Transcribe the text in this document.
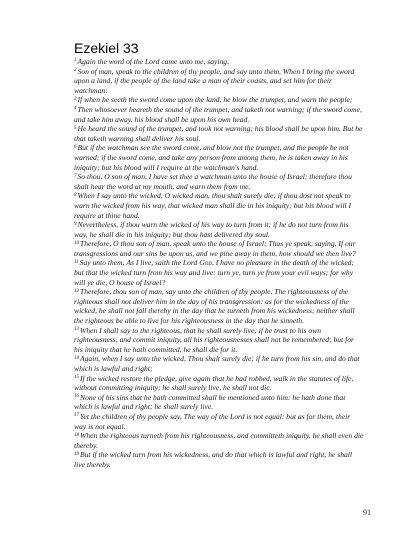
Ezekiel 33
$^1$Again the word of the Lord came unto me, saying,
$^2$Son of man, speak to the children of thy people, and say unto them, When I bring the sword upon a land, if the people of the land take a man of their coasts, and set him for their watchman:
$^3$If when he seeth the sword come upon the land, he blow the trumpet, and warn the people;
$^4$Then whosoever heareth the sound of the trumpet, and taketh not warning; if the sword come, and take him away, his blood shall be upon his own head.
$^5$He heard the sound of the trumpet, and took not warning; his blood shall be upon him. But he that taketh warning shall deliver his soul.
$^6$But if the watchman see the sword come, and blow not the trumpet, and the people be not warned; if the sword come, and take any person from among them, he is taken away in his iniquity; but his blood will I require at the watchman's hand.
$^7$So thou, O son of man, I have set thee a watchman unto the house of Israel; therefore thou shalt hear the word at my mouth, and warn them from me.
$^8$When I say unto the wicked, O wicked man, thou shalt surely die; if thou dost not speak to warn the wicked from his way, that wicked man shall die in his iniquity; but his blood will I require at thine hand.
$^9$Nevertheless, if thou warn the wicked of his way to turn from it; if he do not turn from his way, he shall die in his iniquity; but thou hast delivered thy soul.
$^{10}$Therefore, O thou son of man, speak unto the house of Israel; Thus ye speak, saying, If our transgressions and our sins be upon us, and we pine away in them, how should we then live?
$^{11}$Say unto them, As I live, saith the Lord God, I have no pleasure in the death of the wicked; but that the wicked turn from his way and live: turn ye, turn ye from your evil ways; for why will ye die, O house of Israel?
$^{12}$Therefore, thou son of man, say unto the children of thy people, The righteousness of the righteous shall not deliver him in the day of his transgression: as for the wickedness of the wicked, he shall not fall thereby in the day that he turneth from his wickedness; neither shall the righteous be able to live for his righteousness in the day that he sinneth.
$^{13}$When I shall say to the righteous, that he shall surely live; if he trust to his own righteousness, and commit iniquity, all his righteousnesses shall not be remembered; but for his iniquity that he hath committed, he shall die for it.
$^{14}$Again, when I say unto the wicked, Thou shalt surely die; if he turn from his sin, and do that which is lawful and right;
$^{15}$If the wicked restore the pledge, give again that he had robbed, walk in the statutes of life, without committing iniquity; he shall surely live, he shall not die.
$^{16}$None of his sins that he hath committed shall be mentioned unto him: he hath done that which is lawful and right; he shall surely live.
$^{17}$Yet the children of thy people say, The way of the Lord is not equal: but as for them, their way is not equal.
$^{18}$When the righteous turneth from his righteousness, and committeth iniquity, he shall even die thereby.
$^{19}$But if the wicked turn from his wickedness, and do that which is lawful and right, he shall live thereby.
91
